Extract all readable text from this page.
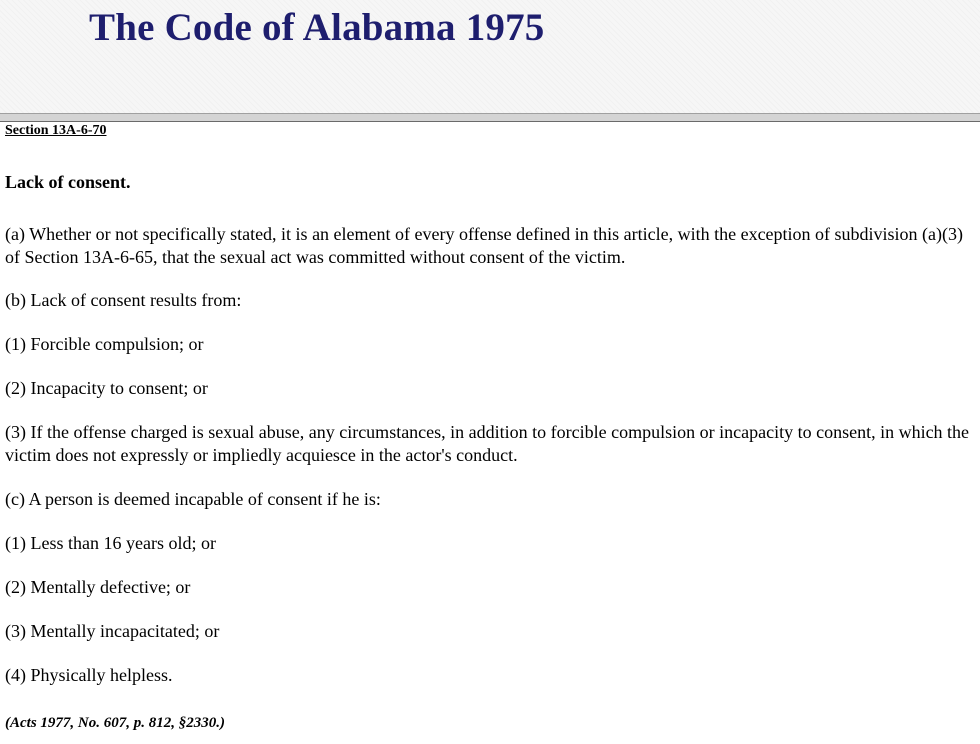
The Code of Alabama 1975
Section 13A-6-70
Lack of consent.
(a) Whether or not specifically stated, it is an element of every offense defined in this article, with the exception of subdivision (a)(3) of Section 13A-6-65, that the sexual act was committed without consent of the victim.
(b) Lack of consent results from:
(1) Forcible compulsion; or
(2) Incapacity to consent; or
(3) If the offense charged is sexual abuse, any circumstances, in addition to forcible compulsion or incapacity to consent, in which the victim does not expressly or impliedly acquiesce in the actor's conduct.
(c) A person is deemed incapable of consent if he is:
(1) Less than 16 years old; or
(2) Mentally defective; or
(3) Mentally incapacitated; or
(4) Physically helpless.
(Acts 1977, No. 607, p. 812, §2330.)
